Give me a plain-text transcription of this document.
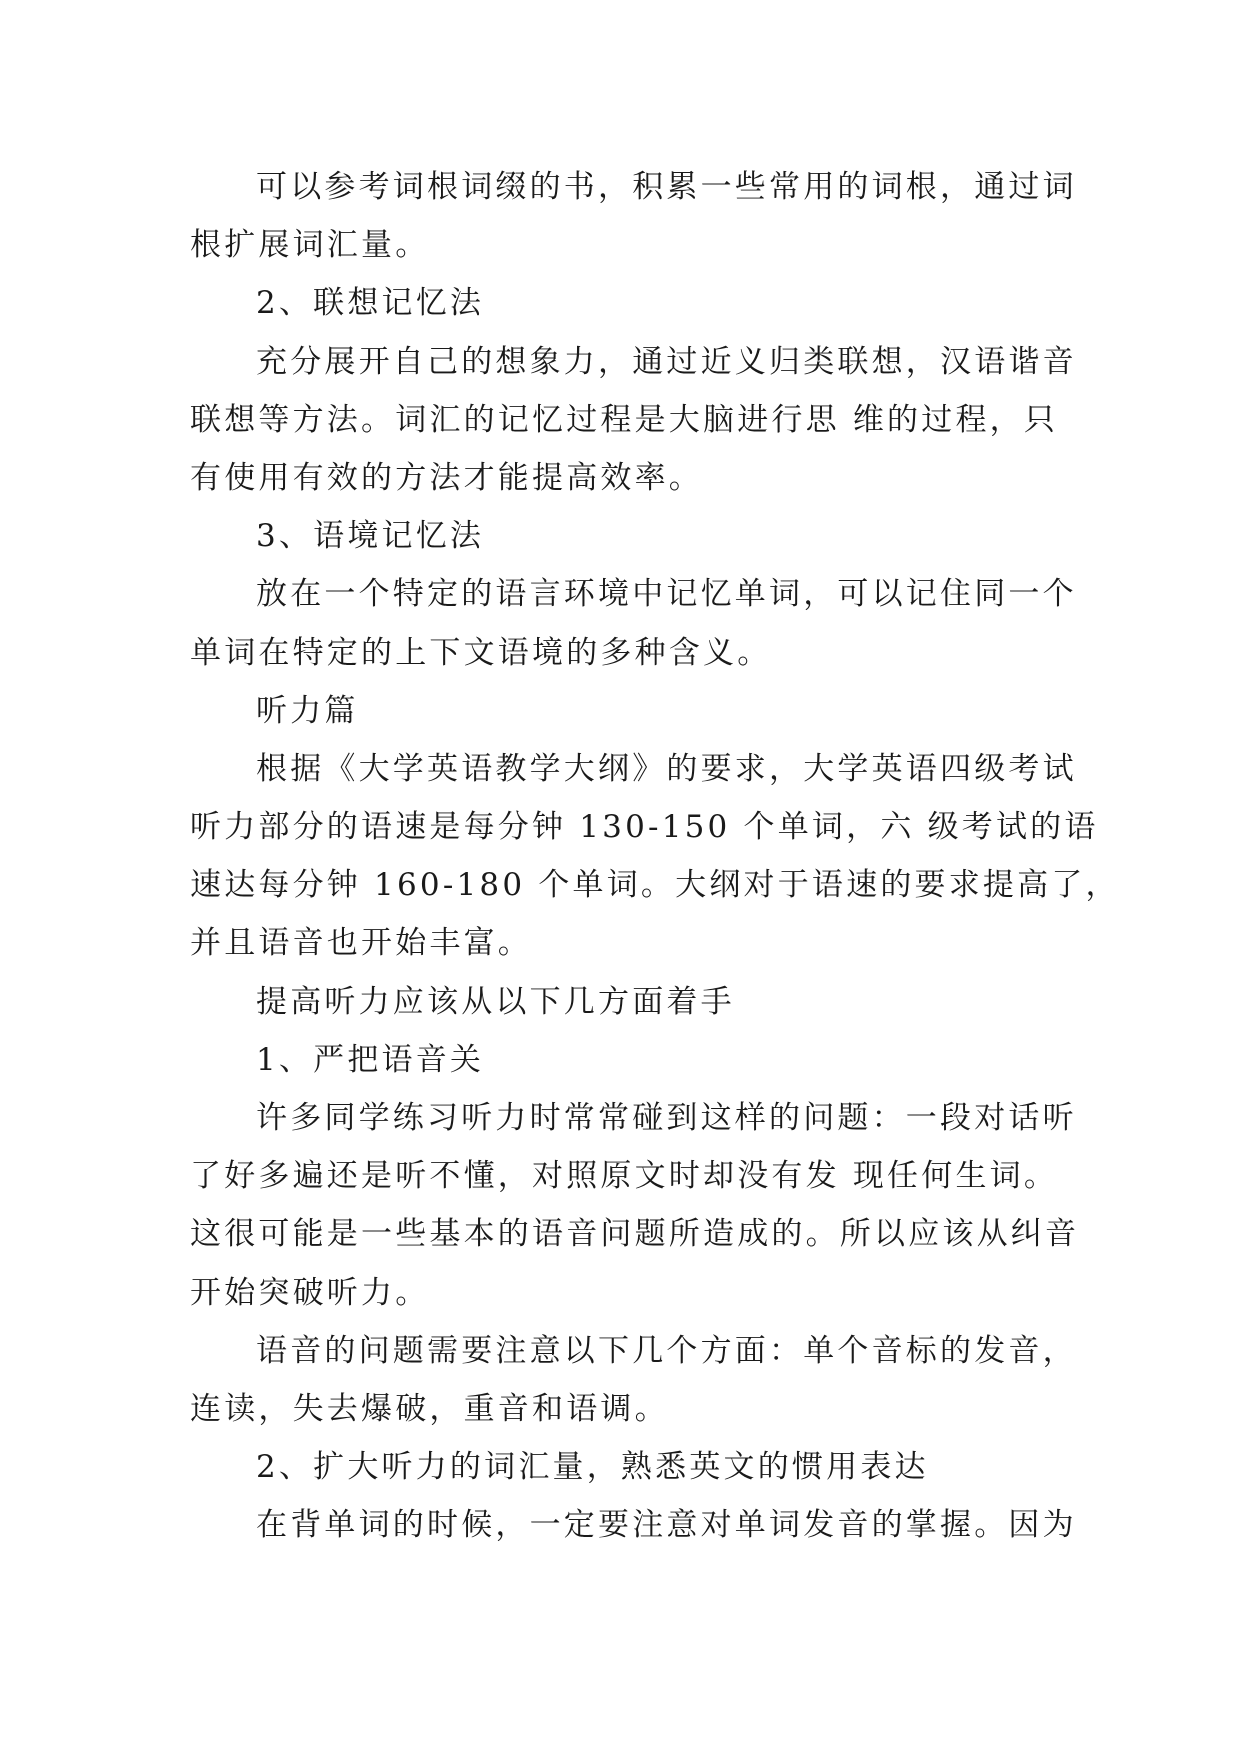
可以参考词根词缀的书，积累一些常用的词根，通过词
根扩展词汇量。
2、联想记忆法
充分展开自己的想象力，通过近义归类联想，汉语谐音
联想等方法。词汇的记忆过程是大脑进行思 维的过程，只
有使用有效的方法才能提高效率。
3、语境记忆法
放在一个特定的语言环境中记忆单词，可以记住同一个
单词在特定的上下文语境的多种含义。
听力篇
根据《大学英语教学大纲》的要求，大学英语四级考试
听力部分的语速是每分钟 130-150 个单词，六 级考试的语
速达每分钟 160-180 个单词。大纲对于语速的要求提高了，
并且语音也开始丰富。
提高听力应该从以下几方面着手
1、严把语音关
许多同学练习听力时常常碰到这样的问题：一段对话听
了好多遍还是听不懂，对照原文时却没有发 现任何生词。
这很可能是一些基本的语音问题所造成的。所以应该从纠音
开始突破听力。
语音的问题需要注意以下几个方面：单个音标的发音，
连读，失去爆破，重音和语调。
2、扩大听力的词汇量，熟悉英文的惯用表达
在背单词的时候，一定要注意对单词发音的掌握。因为
